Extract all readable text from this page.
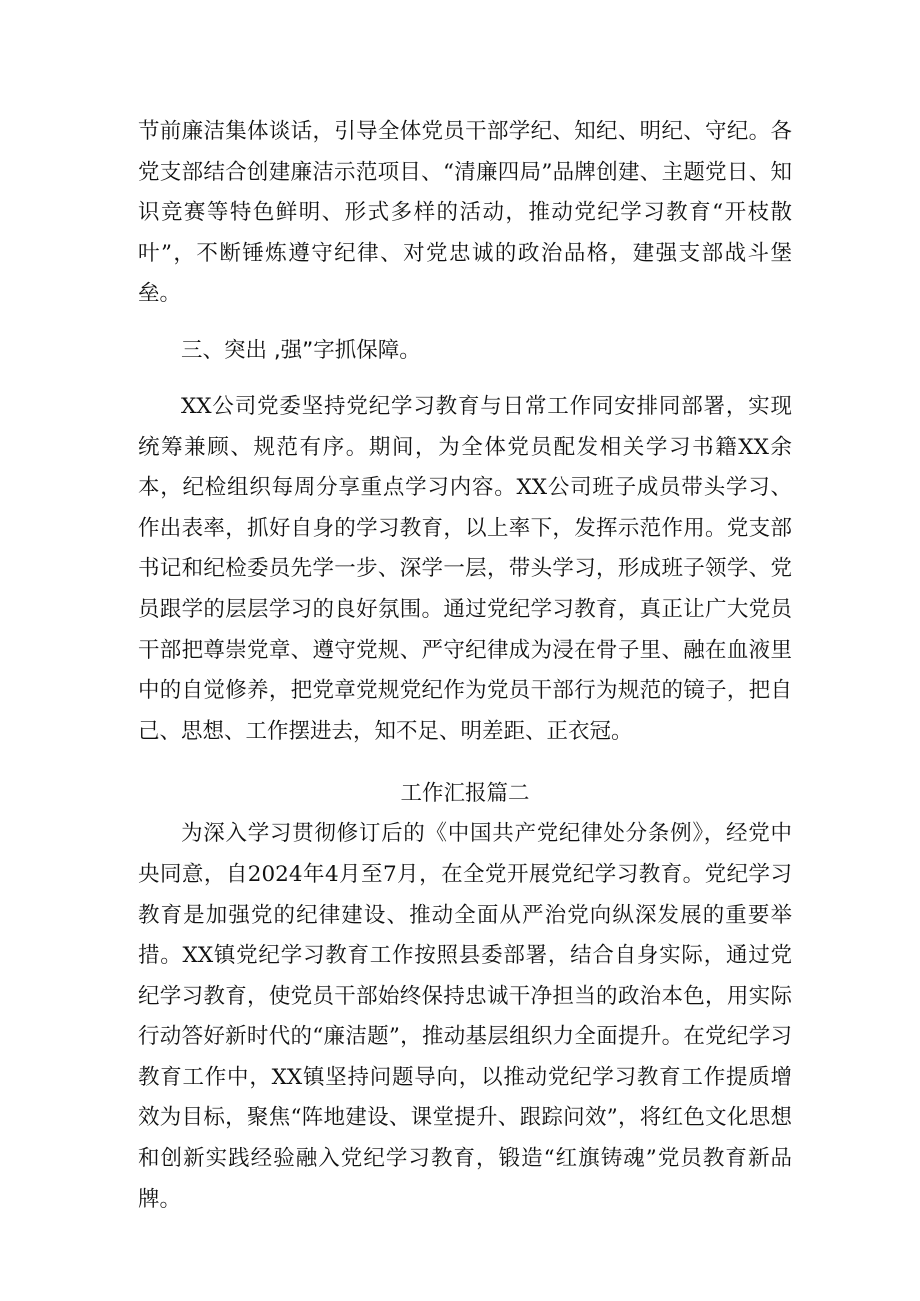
节前廉洁集体谈话，引导全体党员干部学纪、知纪、明纪、守纪。各党支部结合创建廉洁示范项目、“清廉四局”品牌创建、主题党日、知识竞赛等特色鲜明、形式多样的活动，推动党纪学习教育“开枝散叶”，不断锤炼遵守纪律、对党忠诚的政治品格，建强支部战斗堡垒。

三、突出 ,强”字抓保障。

XX公司党委坚持党纪学习教育与日常工作同安排同部署，实现统筹兼顾、规范有序。期间，为全体党员配发相关学习书籍XX余本，纪检组织每周分享重点学习内容。XX公司班子成员带头学习、作出表率，抓好自身的学习教育，以上率下，发挥示范作用。党支部书记和纪检委员先学一步、深学一层，带头学习，形成班子领学、党员跟学的层层学习的良好氛围。通过党纪学习教育，真正让广大党员干部把尊崇党章、遵守党规、严守纪律成为浸在骨子里、融在血液里中的自觉修养，把党章党规党纪作为党员干部行为规范的镜子，把自己、思想、工作摆进去，知不足、明差距、正衣冠。

工作汇报篇二

为深入学习贯彻修订后的《中国共产党纪律处分条例》，经党中央同意，自2024年4月至7月，在全党开展党纪学习教育。党纪学习教育是加强党的纪律建设、推动全面从严治党向纵深发展的重要举措。XX镇党纪学习教育工作按照县委部署，结合自身实际，通过党纪学习教育，使党员干部始终保持忠诚干净担当的政治本色，用实际行动答好新时代的“廉洁题”，推动基层组织力全面提升。在党纪学习教育工作中，XX镇坚持问题导向，以推动党纪学习教育工作提质增效为目标，聚焦“阵地建设、课堂提升、跟踪问效”，将红色文化思想和创新实践经验融入党纪学习教育，锻造“红旗铸魂”党员教育新品牌。
